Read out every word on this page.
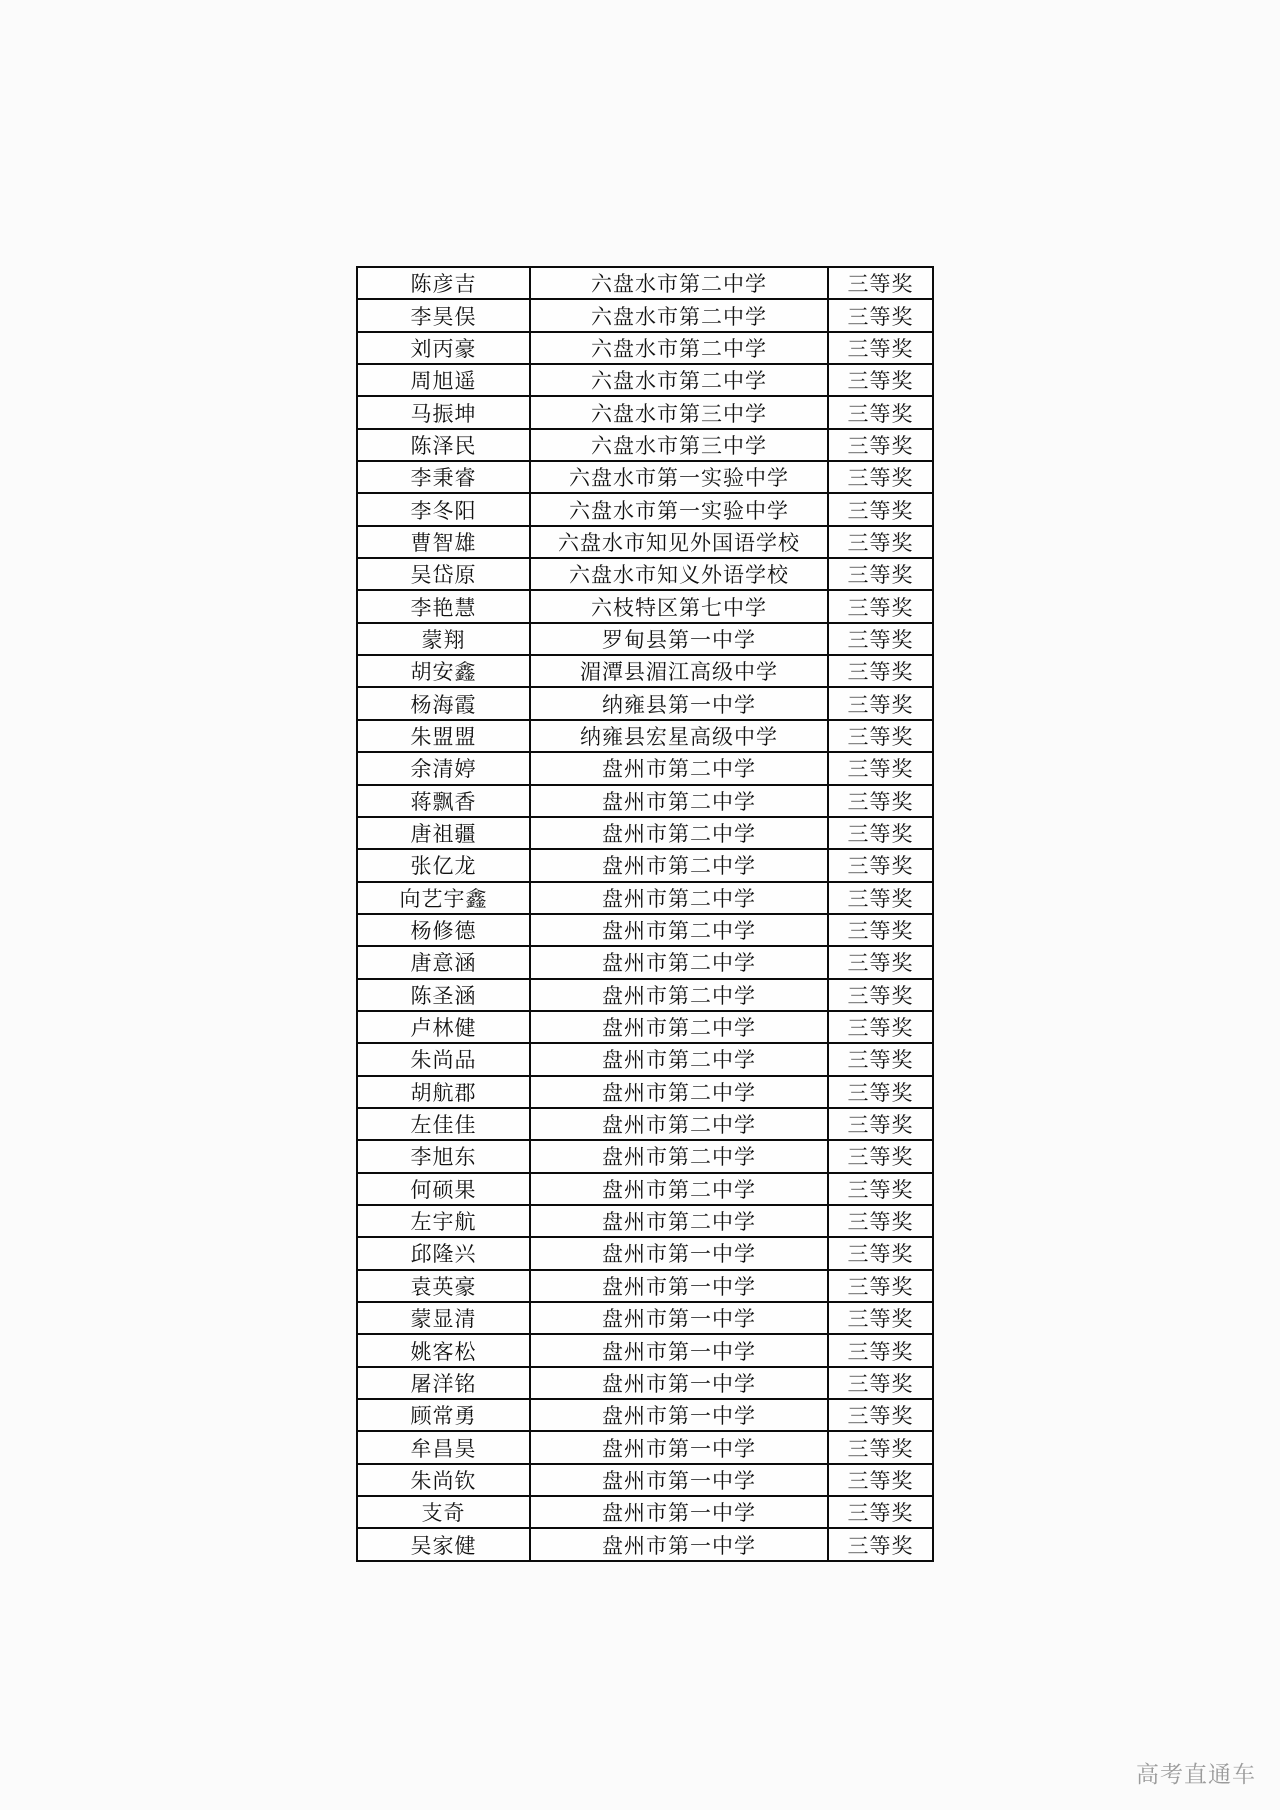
陈彦吉	六盘水市第二中学	三等奖
李昊俣	六盘水市第二中学	三等奖
刘丙豪	六盘水市第二中学	三等奖
周旭遥	六盘水市第二中学	三等奖
马振坤	六盘水市第三中学	三等奖
陈泽民	六盘水市第三中学	三等奖
李秉睿	六盘水市第一实验中学	三等奖
李冬阳	六盘水市第一实验中学	三等奖
曹智雄	六盘水市知见外国语学校	三等奖
吴岱原	六盘水市知义外语学校	三等奖
李艳慧	六枝特区第七中学	三等奖
蒙翔	罗甸县第一中学	三等奖
胡安鑫	湄潭县湄江高级中学	三等奖
杨海霞	纳雍县第一中学	三等奖
朱盟盟	纳雍县宏星高级中学	三等奖
余清婷	盘州市第二中学	三等奖
蒋飘香	盘州市第二中学	三等奖
唐祖疆	盘州市第二中学	三等奖
张亿龙	盘州市第二中学	三等奖
向艺宇鑫	盘州市第二中学	三等奖
杨修德	盘州市第二中学	三等奖
唐意涵	盘州市第二中学	三等奖
陈圣涵	盘州市第二中学	三等奖
卢林健	盘州市第二中学	三等奖
朱尚品	盘州市第二中学	三等奖
胡航郡	盘州市第二中学	三等奖
左佳佳	盘州市第二中学	三等奖
李旭东	盘州市第二中学	三等奖
何硕果	盘州市第二中学	三等奖
左宇航	盘州市第二中学	三等奖
邱隆兴	盘州市第一中学	三等奖
袁英豪	盘州市第一中学	三等奖
蒙显清	盘州市第一中学	三等奖
姚客松	盘州市第一中学	三等奖
屠洋铭	盘州市第一中学	三等奖
顾常勇	盘州市第一中学	三等奖
牟昌昊	盘州市第一中学	三等奖
朱尚钦	盘州市第一中学	三等奖
支奇	盘州市第一中学	三等奖
吴家健	盘州市第一中学	三等奖
高考直通车
